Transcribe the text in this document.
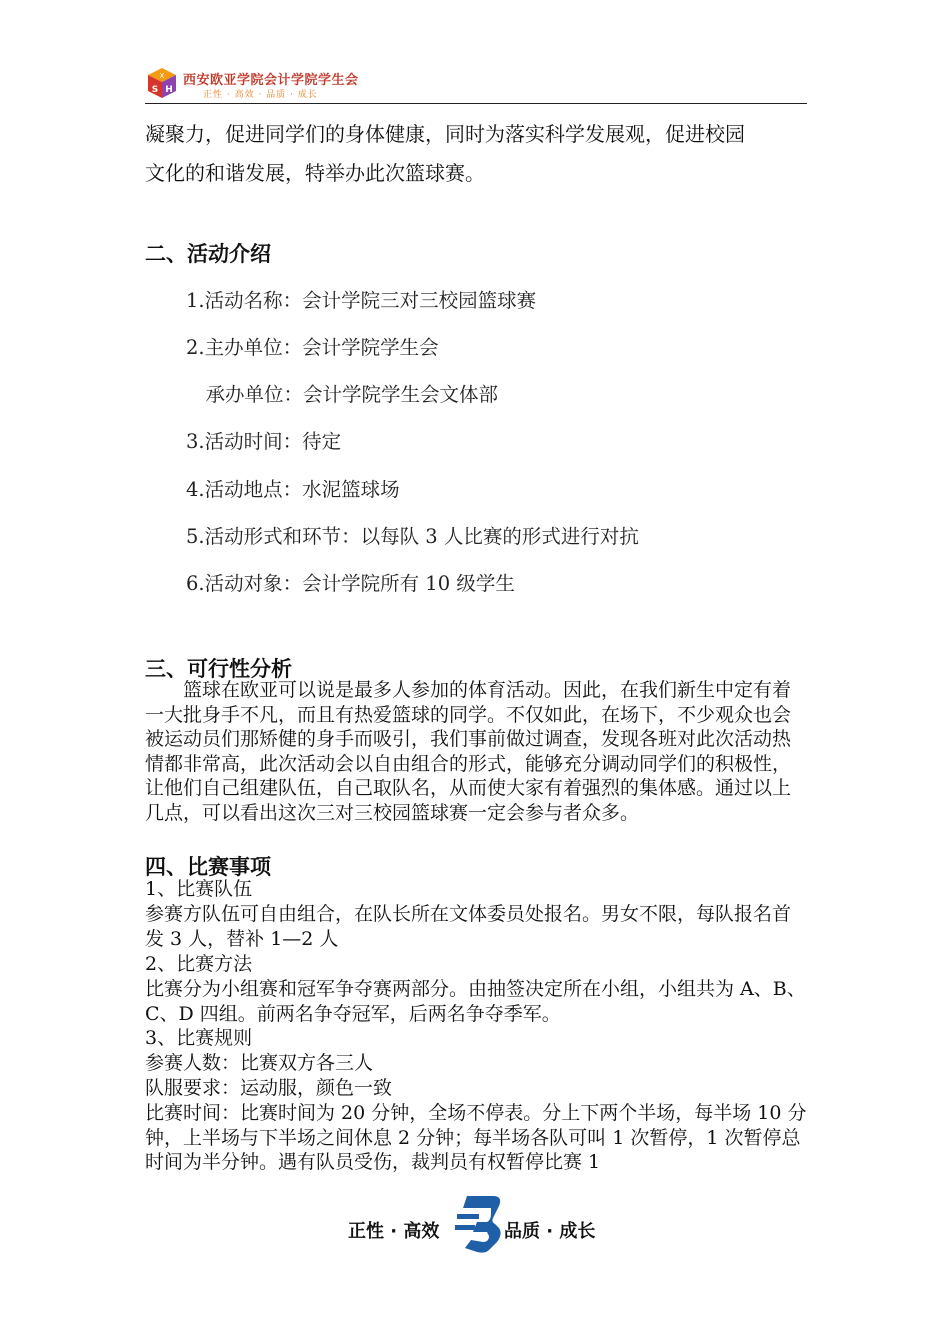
X
S H
西安欧亚学院会计学院学生会
正性 · 高效 · 品质 · 成长
凝聚力，促进同学们的身体健康，同时为落实科学发展观，促进校园
文化的和谐发展，特举办此次篮球赛。
二、活动介绍
1.活动名称：会计学院三对三校园篮球赛
2.主办单位：会计学院学生会
　承办单位：会计学院学生会文体部
3.活动时间：待定
4.活动地点：水泥篮球场
5.活动形式和环节：以每队 3 人比赛的形式进行对抗
6.活动对象：会计学院所有 10 级学生
三、可行性分析
篮球在欧亚可以说是最多人参加的体育活动。因此，在我们新生中定有着一大批身手不凡，而且有热爱篮球的同学。不仅如此，在场下，不少观众也会被运动员们那矫健的身手而吸引，我们事前做过调查，发现各班对此次活动热情都非常高，此次活动会以自由组合的形式，能够充分调动同学们的积极性，让他们自己组建队伍，自己取队名，从而使大家有着强烈的集体感。通过以上几点，可以看出这次三对三校园篮球赛一定会参与者众多。
四、比赛事项
1、比赛队伍
参赛方队伍可自由组合，在队长所在文体委员处报名。男女不限，每队报名首发 3 人，替补 1—2 人
2、比赛方法
比赛分为小组赛和冠军争夺赛两部分。由抽签决定所在小组，小组共为 A、B、C、D 四组。前两名争夺冠军，后两名争夺季军。
3、比赛规则
参赛人数：比赛双方各三人
队服要求：运动服，颜色一致
比赛时间：比赛时间为 20 分钟，全场不停表。分上下两个半场，每半场 10 分钟，上半场与下半场之间休息 2 分钟；每半场各队可叫 1 次暂停，1 次暂停总时间为半分钟。遇有队员受伤，裁判员有权暂停比赛 1
正性 · 高效	品质 · 成长
